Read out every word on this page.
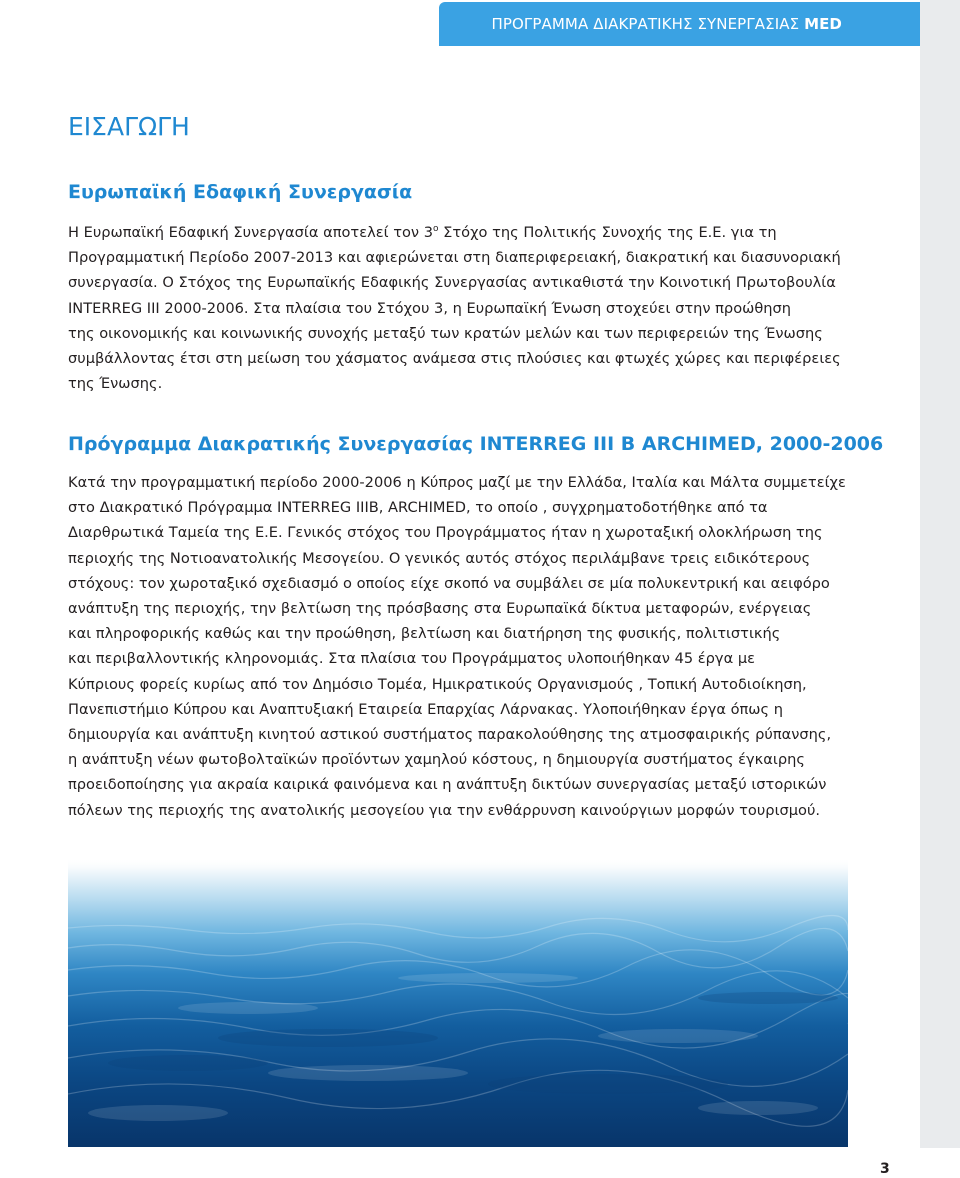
ΠΡΟΓΡΑΜΜΑ ΔΙΑΚΡΑΤΙΚΗΣ ΣΥΝΕΡΓΑΣΙΑΣ MED
ΕΙΣΑΓΩΓΗ
Ευρωπαϊκή Εδαφική Συνεργασία

Η Ευρωπαϊκή Εδαφική Συνεργασία αποτελεί τον $3^o$ Στόχο της Πολιτικής Συνοχής της Ε.Ε. για τη
Προγραμματική Περίοδο 2007-2013 και αφιερώνεται στη διαπεριφερειακή, διακρατική και διασυνοριακή
συνεργασία. Ο Στόχος της Ευρωπαϊκής Εδαφικής Συνεργασίας αντικαθιστά την Κοινοτική Πρωτοβουλία
INTERREG III 2000-2006. Στα πλαίσια του Στόχου 3, η Ευρωπαϊκή Ένωση στοχεύει στην προώθηση
της οικονομικής και κοινωνικής συνοχής μεταξύ των κρατών μελών και των περιφερειών της Ένωσης
συμβάλλοντας έτσι στη μείωση του χάσματος ανάμεσα στις πλούσιες και φτωχές χώρες και περιφέρειες
της Ένωσης.

Πρόγραμμα Διακρατικής Συνεργασίας INTERREG III B ARCHIMED, 2000-2006

Κατά την προγραμματική περίοδο 2000-2006 η Κύπρος μαζί με την Ελλάδα, Ιταλία και Μάλτα συμμετείχε
στο Διακρατικό Πρόγραμμα INTERREG IIIB, ARCHIMED, το οποίο , συγχρηματοδοτήθηκε από τα
Διαρθρωτικά Ταμεία της Ε.Ε. Γενικός στόχος του Προγράμματος ήταν η χωροταξική ολοκλήρωση της
περιοχής της Νοτιοανατολικής Μεσογείου. Ο γενικός αυτός στόχος περιλάμβανε τρεις ειδικότερους
στόχους: τον χωροταξικό σχεδιασμό ο οποίος είχε σκοπό να συμβάλει σε μία πολυκεντρική και αειφόρο
ανάπτυξη της περιοχής, την βελτίωση της πρόσβασης στα Ευρωπαϊκά δίκτυα μεταφορών, ενέργειας
και πληροφορικής καθώς και την προώθηση, βελτίωση και διατήρηση της φυσικής, πολιτιστικής
και περιβαλλοντικής κληρονομιάς. Στα πλαίσια του Προγράμματος υλοποιήθηκαν 45 έργα με
Κύπριους φορείς κυρίως από τον Δημόσιο Τομέα, Ημικρατικούς Οργανισμούς , Τοπική Αυτοδιοίκηση,
Πανεπιστήμιο Κύπρου και Αναπτυξιακή Εταιρεία Επαρχίας Λάρνακας. Υλοποιήθηκαν έργα όπως η
δημιουργία και ανάπτυξη κινητού αστικού συστήματος παρακολούθησης της ατμοσφαιρικής ρύπανσης,
η ανάπτυξη νέων φωτοβολταϊκών προϊόντων χαμηλού κόστους, η δημιουργία συστήματος έγκαιρης
προειδοποίησης για ακραία καιρικά φαινόμενα και η ανάπτυξη δικτύων συνεργασίας μεταξύ ιστορικών
πόλεων της περιοχής της ανατολικής μεσογείου για την ενθάρρυνση καινούργιων μορφών τουρισμού.

3
